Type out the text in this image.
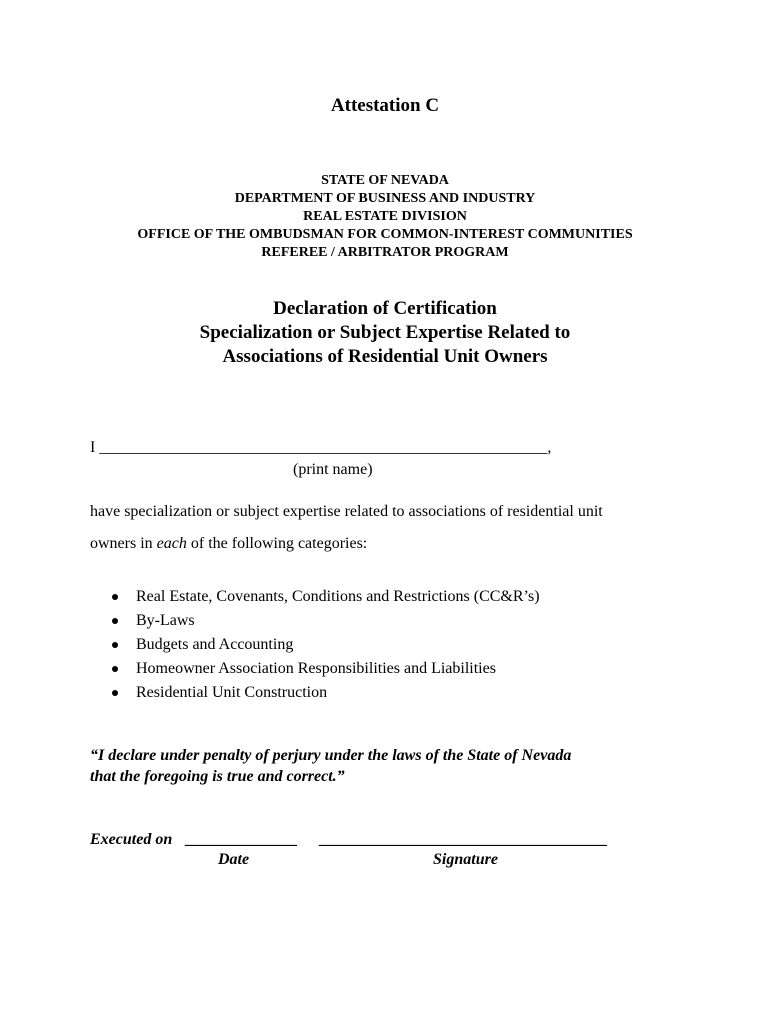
Attestation C
STATE OF NEVADA
DEPARTMENT OF BUSINESS AND INDUSTRY
REAL ESTATE DIVISION
OFFICE OF THE OMBUDSMAN FOR COMMON-INTEREST COMMUNITIES
REFEREE / ARBITRATOR PROGRAM
Declaration of Certification
Specialization or Subject Expertise Related to
Associations of Residential Unit Owners
I ________________________________________________________,
(print name)
have specialization or subject expertise related to associations of residential unit
owners in each of the following categories:
Real Estate, Covenants, Conditions and Restrictions (CC&R’s)
By-Laws
Budgets and Accounting
Homeowner Association Responsibilities and Liabilities
Residential Unit Construction
“I declare under penalty of perjury under the laws of the State of Nevada
that the foregoing is true and correct.”
Executed on ______________ ____________________________________
Date	Signature
